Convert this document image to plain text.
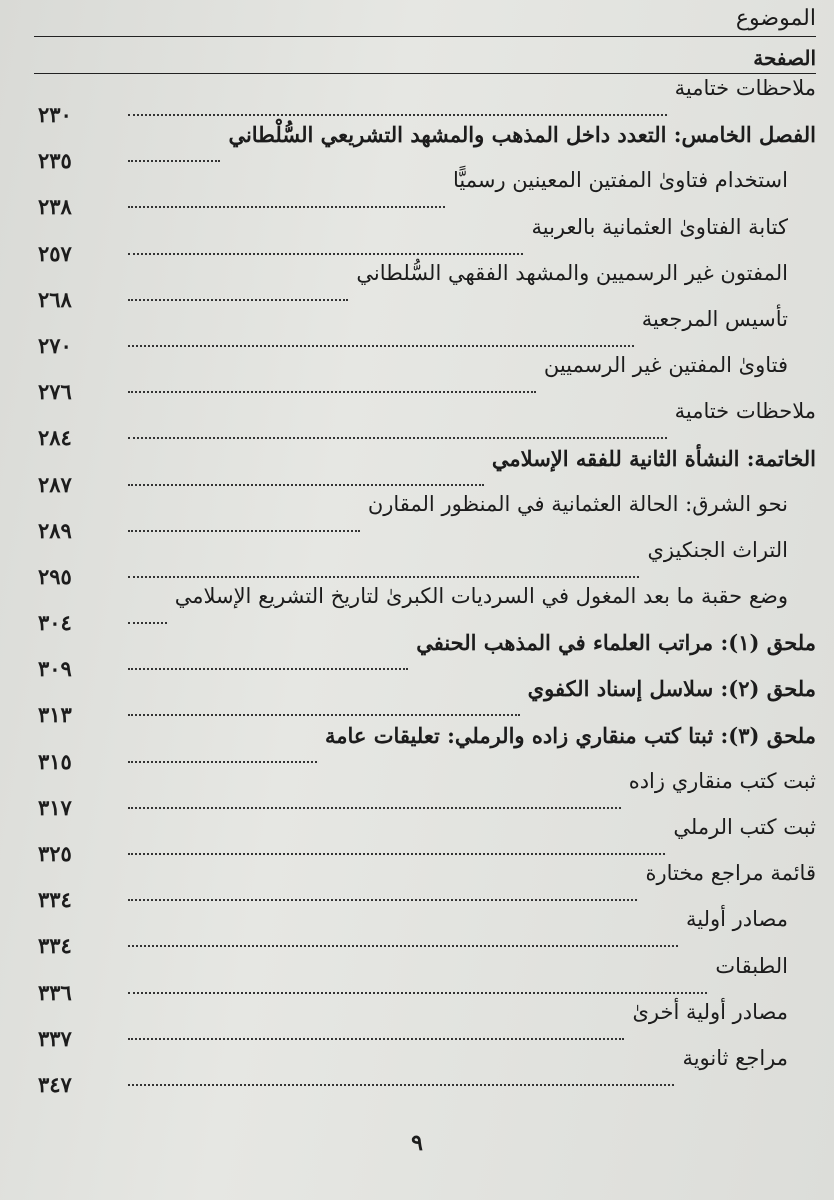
الموضوع
الصفحة
ملاحظات ختامية
٢٣٠
الفصل الخامس: التعدد داخل المذهب والمشهد التشريعي السُّلْطاني
٢٣٥
استخدام فتاوىٰ المفتين المعينين رسميًّا
٢٣٨
كتابة الفتاوىٰ العثمانية بالعربية
٢٥٧
المفتون غير الرسميين والمشهد الفقهي السُّلطاني
٢٦٨
تأسيس المرجعية
٢٧٠
فتاوىٰ المفتين غير الرسميين
٢٧٦
ملاحظات ختامية
٢٨٤
الخاتمة: النشأة الثانية للفقه الإسلامي
٢٨٧
نحو الشرق: الحالة العثمانية في المنظور المقارن
٢٨٩
التراث الجنكيزي
٢٩٥
وضع حقبة ما بعد المغول في السرديات الكبرىٰ لتاريخ التشريع الإسلامي
٣٠٤
ملحق (١): مراتب العلماء في المذهب الحنفي
٣٠٩
ملحق (٢): سلاسل إسناد الكفوي
٣١٣
ملحق (٣): ثبتا كتب منقاري زاده والرملي: تعليقات عامة
٣١٥
ثبت كتب منقاري زاده
٣١٧
ثبت كتب الرملي
٣٢٥
قائمة مراجع مختارة
٣٣٤
مصادر أولية
٣٣٤
الطبقات
٣٣٦
مصادر أولية أخرىٰ
٣٣٧
مراجع ثانوية
٣٤٧
٩
